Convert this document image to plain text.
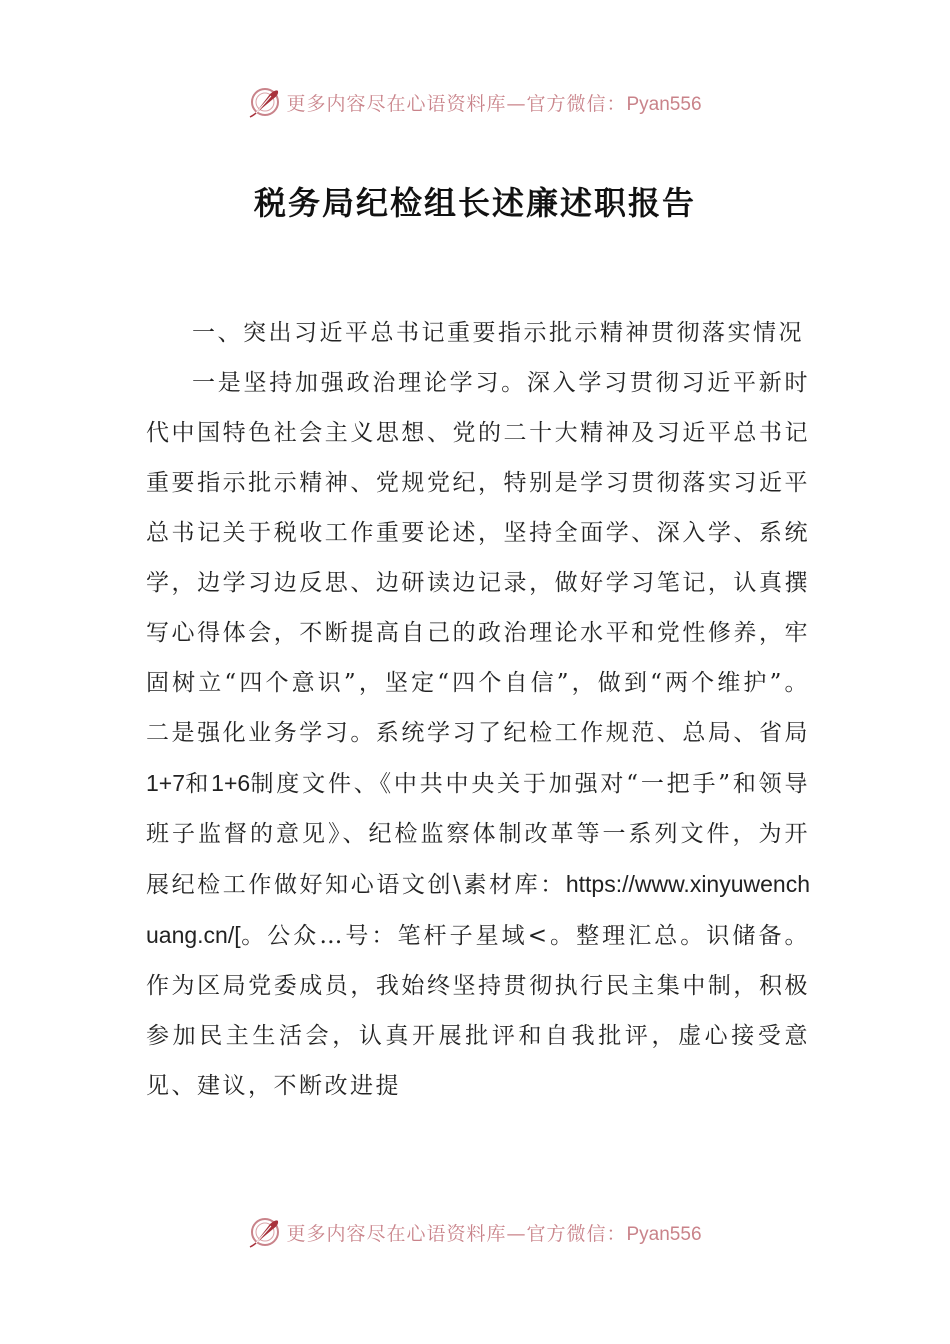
更多内容尽在心语资料库—官方微信：Pyan556
税务局纪检组长述廉述职报告

一、突出习近平总书记重要指示批示精神贯彻落实情况

一是坚持加强政治理论学习。深入学习贯彻习近平新时代中国特色社会主义思想、党的二十大精神及习近平总书记重要指示批示精神、党规党纪，特别是学习贯彻落实习近平总书记关于税收工作重要论述，坚持全面学、深入学、系统学，边学习边反思、边研读边记录，做好学习笔记，认真撰写心得体会，不断提高自己的政治理论水平和党性修养，牢固树立“四个意识”，坚定“四个自信”，做到“两个维护”。二是强化业务学习。系统学习了纪检工作规范、总局、省局1+7和1+6制度文件、《中共中央关于加强对“一把手”和领导班子监督的意见》、纪检监察体制改革等一系列文件，为开展纪检工作做好知心语文创\素材库：https://www.xinyuwenchuang.cn/[。公众…号：笔杆子星域<。整理汇总。识储备。作为区局党委成员，我始终坚持贯彻执行民主集中制，积极参加民主生活会，认真开展批评和自我批评，虚心接受意见、建议，不断改进提

更多内容尽在心语资料库—官方微信：Pyan556
